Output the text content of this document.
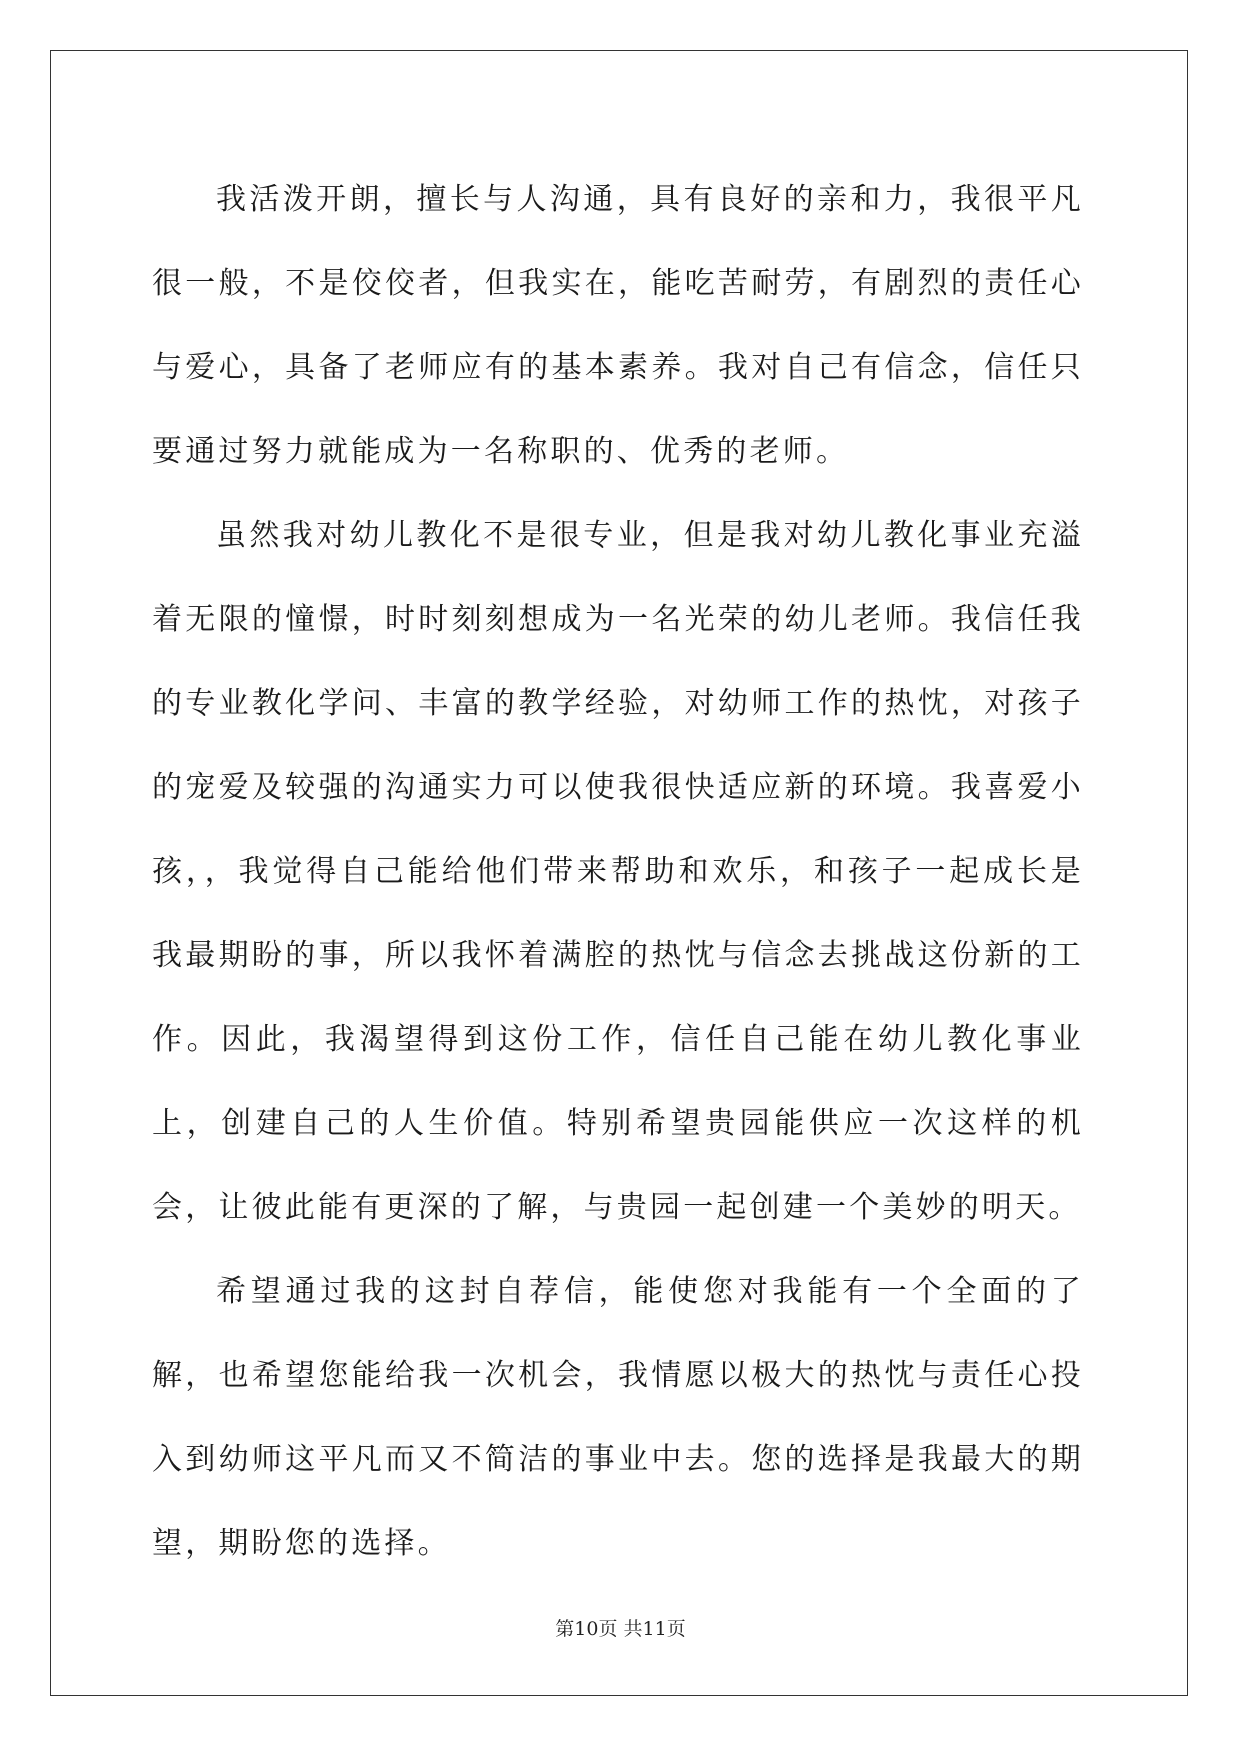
我活泼开朗，擅长与人沟通，具有良好的亲和力，我很平凡很一般，不是佼佼者，但我实在，能吃苦耐劳，有剧烈的责任心与爱心，具备了老师应有的基本素养。我对自己有信念，信任只要通过努力就能成为一名称职的、优秀的老师。

虽然我对幼儿教化不是很专业，但是我对幼儿教化事业充溢着无限的憧憬，时时刻刻想成为一名光荣的幼儿老师。我信任我的专业教化学问、丰富的教学经验，对幼师工作的热忱，对孩子的宠爱及较强的沟通实力可以使我很快适应新的环境。我喜爱小孩，，我觉得自己能给他们带来帮助和欢乐，和孩子一起成长是我最期盼的事，所以我怀着满腔的热忱与信念去挑战这份新的工作。因此，我渴望得到这份工作，信任自己能在幼儿教化事业上，创建自己的人生价值。特别希望贵园能供应一次这样的机会，让彼此能有更深的了解，与贵园一起创建一个美妙的明天。

希望通过我的这封自荐信，能使您对我能有一个全面的了解，也希望您能给我一次机会，我情愿以极大的热忱与责任心投入到幼师这平凡而又不简洁的事业中去。您的选择是我最大的期望，期盼您的选择。

第10页 共11页
